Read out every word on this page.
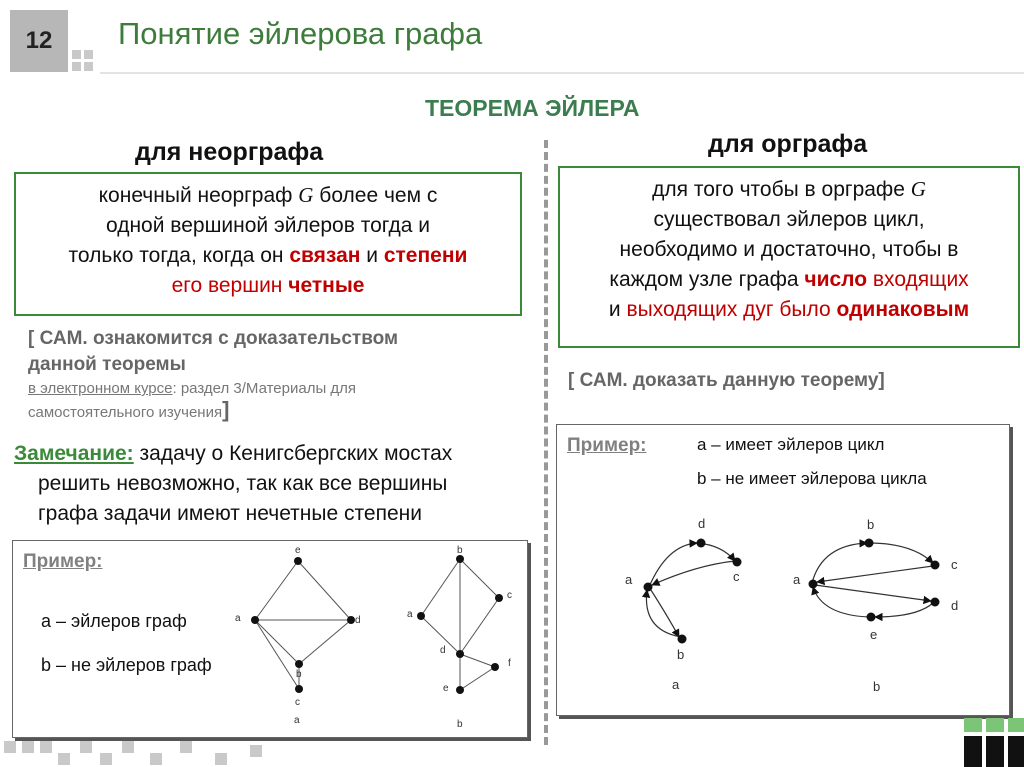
12	Понятие эйлерова графа
ТЕОРЕМА ЭЙЛЕРА
для неорграфа
конечный неорграф G более чем с
одной вершиной эйлеров тогда и
только тогда, когда он связан и степени
его вершин четные
[ САМ. ознакомится с доказательством
данной теоремы
в электронном курсе: раздел 3/Материалы для
самостоятельного изучения]
Замечание: задачу о Кенигсбергских мостах
решить невозможно, так как все вершины
графа задачи имеют нечетные степени
Пример:
a – эйлеров граф
b – не эйлеров граф
e
a	d
b
c
a
b
a
c
d
f
e
b
для орграфа
для того чтобы в орграфе G
существовал эйлеров цикл,
необходимо и достаточно, чтобы в
каждом узле графа число входящих
и выходящих дуг было одинаковым
[ САМ. доказать данную теорему]
Пример:	a – имеет эйлеров цикл
b – не имеет эйлерова цикла
d
a	c
b
a
b
a
c
d
e
b
